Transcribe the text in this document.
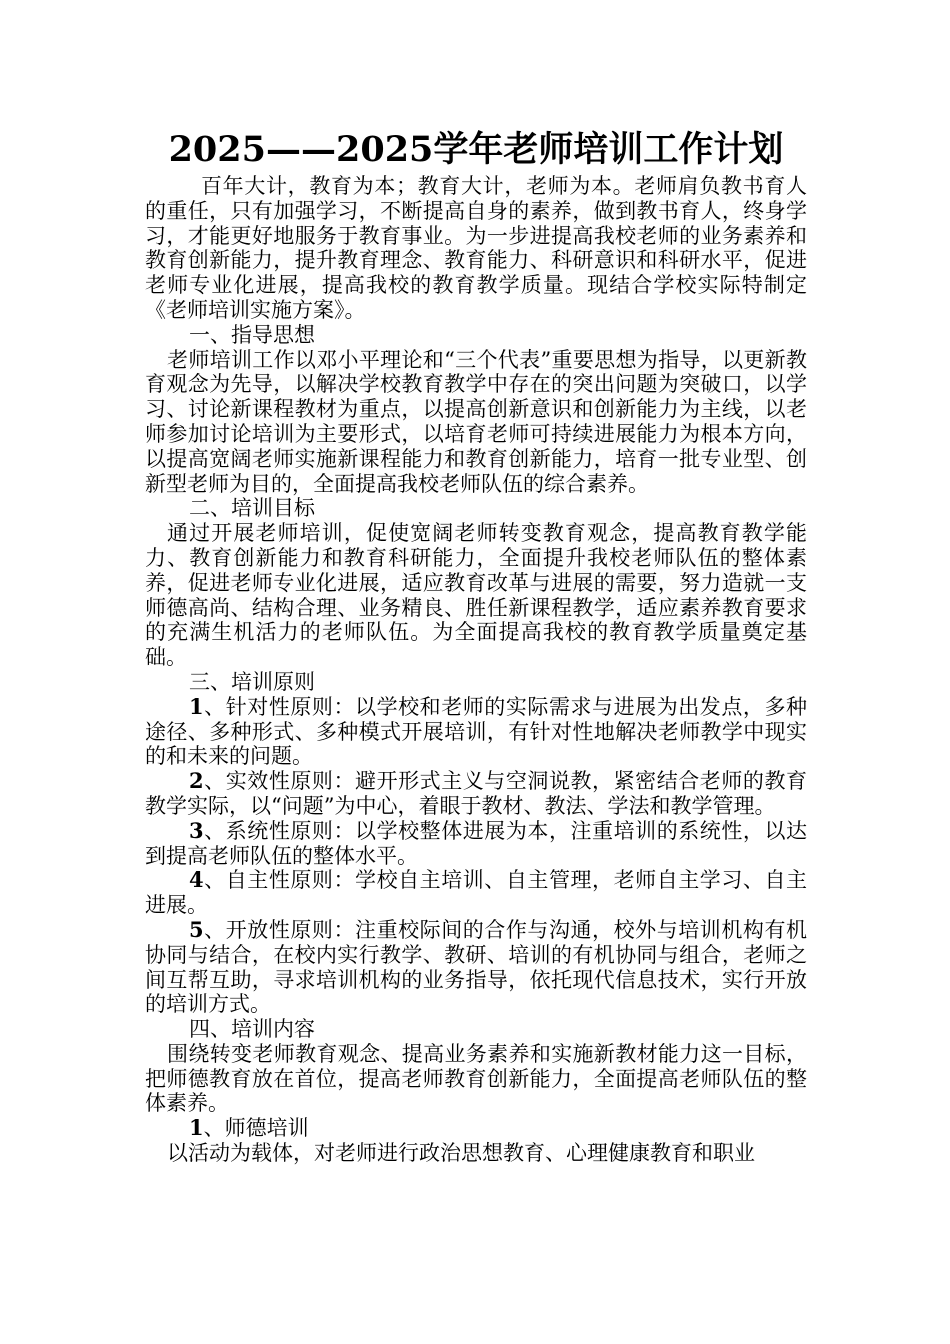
2025——2025学年老师培训工作计划

百年大计，教育为本；教育大计，老师为本。老师肩负教书育人的重任，只有加强学习，不断提高自身的素养，做到教书育人，终身学习，才能更好地服务于教育事业。为一步进提高我校老师的业务素养和教育创新能力，提升教育理念、教育能力、科研意识和科研水平，促进老师专业化进展，提高我校的教育教学质量。现结合学校实际特制定《老师培训实施方案》。

一、指导思想

老师培训工作以邓小平理论和“三个代表”重要思想为指导，以更新教育观念为先导，以解决学校教育教学中存在的突出问题为突破口，以学习、讨论新课程教材为重点，以提高创新意识和创新能力为主线，以老师参加讨论培训为主要形式，以培育老师可持续进展能力为根本方向，以提高宽阔老师实施新课程能力和教育创新能力，培育一批专业型、创新型老师为目的，全面提高我校老师队伍的综合素养。

二、培训目标

通过开展老师培训，促使宽阔老师转变教育观念，提高教育教学能力、教育创新能力和教育科研能力，全面提升我校老师队伍的整体素养，促进老师专业化进展，适应教育改革与进展的需要，努力造就一支师德高尚、结构合理、业务精良、胜任新课程教学，适应素养教育要求的充满生机活力的老师队伍。为全面提高我校的教育教学质量奠定基础。

三、培训原则

1、针对性原则：以学校和老师的实际需求与进展为出发点，多种途径、多种形式、多种模式开展培训，有针对性地解决老师教学中现实的和未来的问题。

2、实效性原则：避开形式主义与空洞说教，紧密结合老师的教育教学实际，以“问题”为中心，着眼于教材、教法、学法和教学管理。

3、系统性原则：以学校整体进展为本，注重培训的系统性，以达到提高老师队伍的整体水平。

4、自主性原则：学校自主培训、自主管理，老师自主学习、自主进展。

5、开放性原则：注重校际间的合作与沟通，校外与培训机构有机协同与结合，在校内实行教学、教研、培训的有机协同与组合，老师之间互帮互助，寻求培训机构的业务指导，依托现代信息技术，实行开放的培训方式。

四、培训内容

围绕转变老师教育观念、提高业务素养和实施新教材能力这一目标，把师德教育放在首位，提高老师教育创新能力，全面提高老师队伍的整体素养。

1、师德培训

以活动为载体，对老师进行政治思想教育、心理健康教育和职业
